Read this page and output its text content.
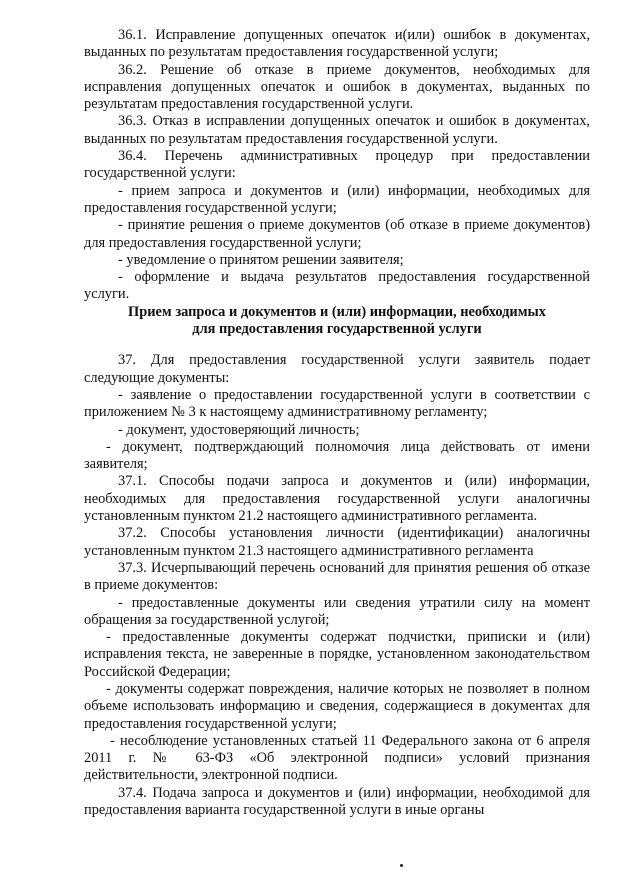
36.1. Исправление допущенных опечаток и(или) ошибок в документах, выданных по результатам предоставления государственной услуги;

36.2. Решение об отказе в приеме документов, необходимых для исправления допущенных опечаток и ошибок в документах, выданных по результатам предоставления государственной услуги.

36.3. Отказ в исправлении допущенных опечаток и ошибок в документах, выданных по результатам предоставления государственной услуги.

36.4. Перечень административных процедур при предоставлении государственной услуги:

- прием запроса и документов и (или) информации, необходимых для предоставления государственной услуги;

- принятие решения о приеме документов (об отказе в приеме документов) для предоставления государственной услуги;

- уведомление о принятом решении заявителя;

- оформление и выдача результатов предоставления государственной услуги.

Прием запроса и документов и (или) информации, необходимых
для предоставления государственной услуги

37. Для предоставления государственной услуги заявитель подает следующие документы:

- заявление о предоставлении государственной услуги в соответствии с приложением № 3 к настоящему административному регламенту;

- документ, удостоверяющий личность;

- документ, подтверждающий полномочия лица действовать от имени заявителя;

37.1. Способы подачи запроса и документов и (или) информации, необходимых для предоставления государственной услуги аналогичны установленным пунктом 21.2 настоящего административного регламента.

37.2. Способы установления личности (идентификации) аналогичны установленным пунктом 21.3 настоящего административного регламента

37.3. Исчерпывающий перечень оснований для принятия решения об отказе в приеме документов:

- предоставленные документы или сведения утратили силу на момент обращения за государственной услугой;

- предоставленные документы содержат подчистки, приписки и (или) исправления текста, не заверенные в порядке, установленном законодательством Российской Федерации;

- документы содержат повреждения, наличие которых не позволяет в полном объеме использовать информацию и сведения, содержащиеся в документах для предоставления государственной услуги;

- несоблюдение установленных статьей 11 Федерального закона от 6 апреля 2011 г. № 63-ФЗ «Об электронной подписи» условий признания действительности, электронной подписи.

37.4. Подача запроса и документов и (или) информации, необходимой для предоставления варианта государственной услуги в иные органы
